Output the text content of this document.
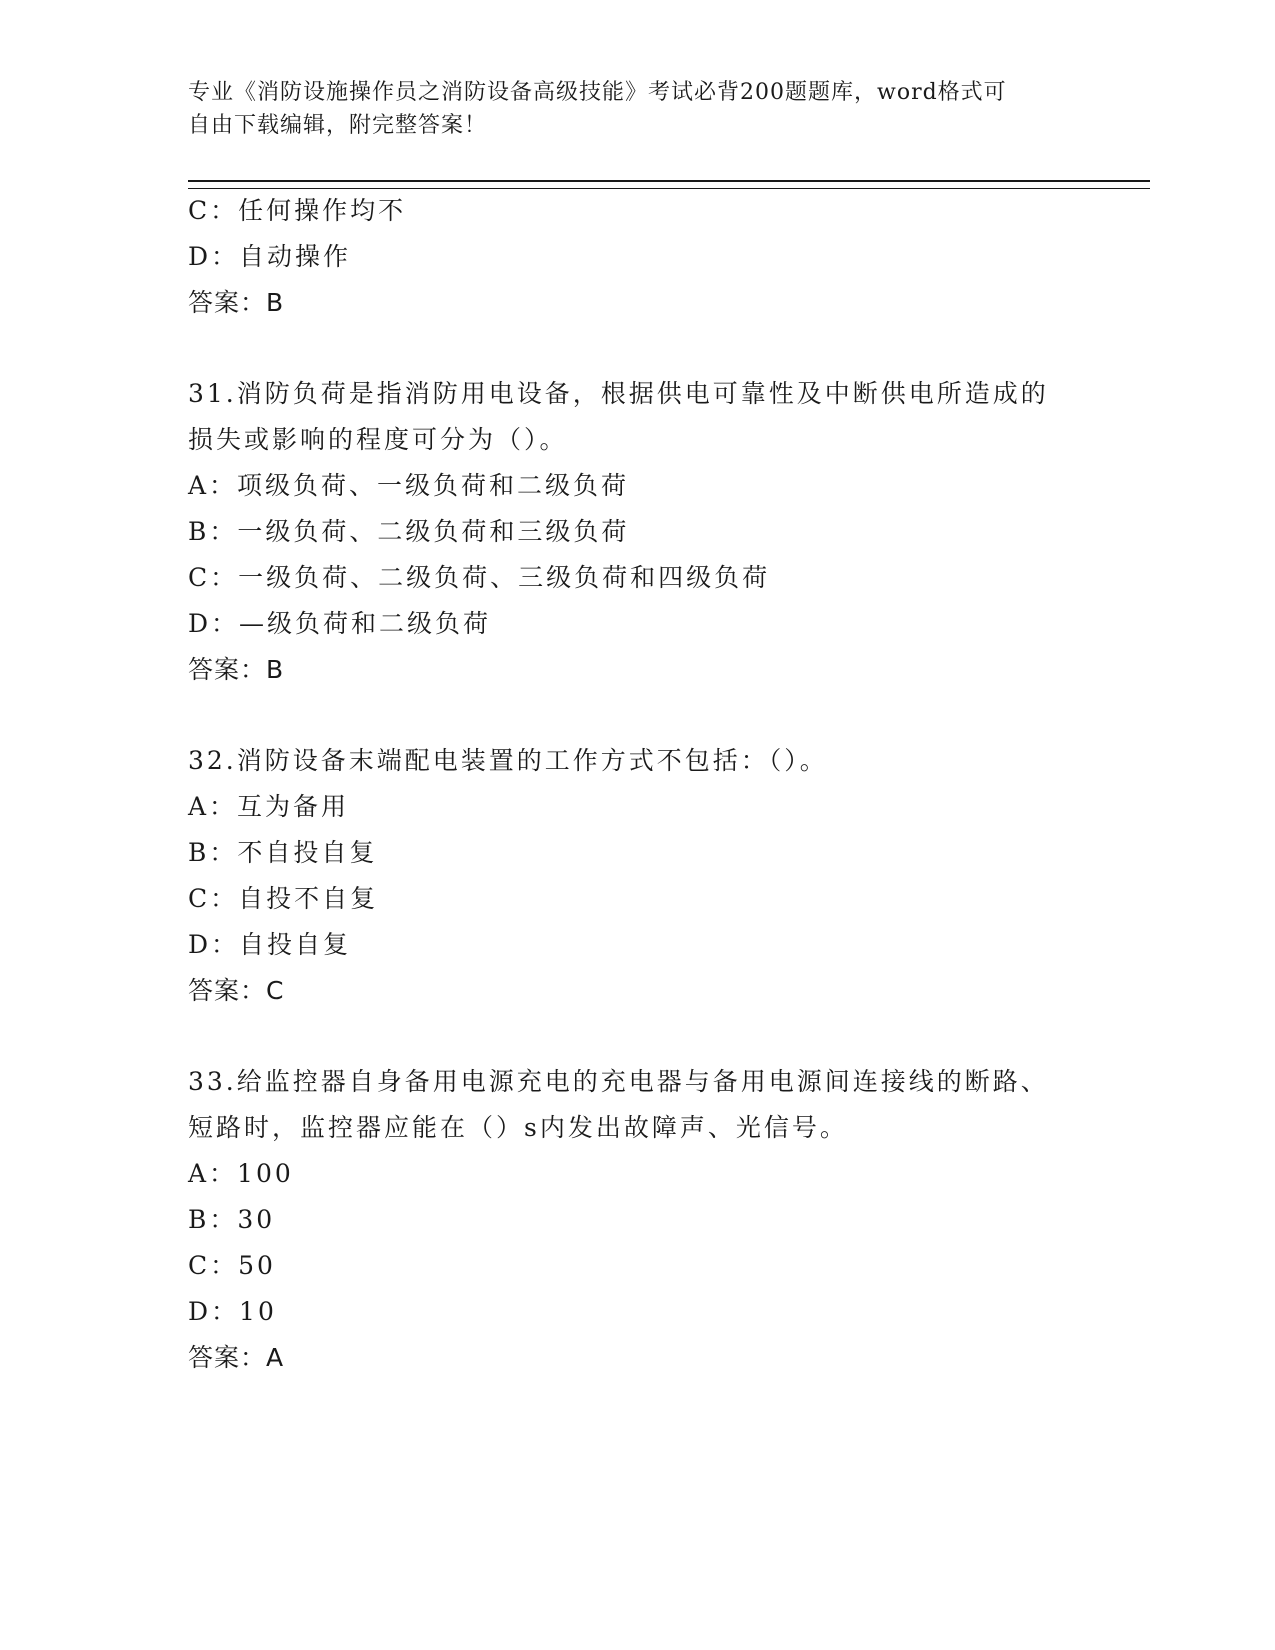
专业《消防设施操作员之消防设备高级技能》考试必背200题题库，word格式可
自由下载编辑，附完整答案！
C：任何操作均不
D：自动操作
答案：B
31.消防负荷是指消防用电设备，根据供电可靠性及中断供电所造成的
损失或影响的程度可分为（）。
A：项级负荷、一级负荷和二级负荷
B：一级负荷、二级负荷和三级负荷
C：一级负荷、二级负荷、三级负荷和四级负荷
D：—级负荷和二级负荷
答案：B
32.消防设备末端配电装置的工作方式不包括：（）。
A：互为备用
B：不自投自复
C：自投不自复
D：自投自复
答案：C
33.给监控器自身备用电源充电的充电器与备用电源间连接线的断路、
短路时，监控器应能在（）s内发出故障声、光信号。
A：100
B：30
C：50
D：10
答案：A
